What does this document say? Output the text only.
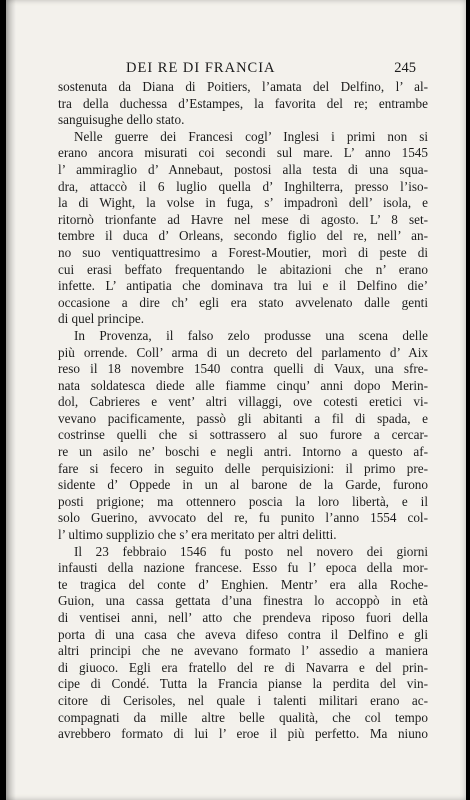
DEI RE DI FRANCIA	245
sostenuta da Diana di Poitiers, l’amata del Delfino, l’ al-
tra della duchessa d’Estampes, la favorita del re; entrambe
sanguisughe dello stato.
Nelle guerre dei Francesi cogl’ Inglesi i primi non si
erano ancora misurati coi secondi sul mare. L’ anno 1545
l’ ammiraglio d’ Annebaut, postosi alla testa di una squa-
dra, attaccò il 6 luglio quella d’ Inghilterra, presso l’iso-
la di Wight, la volse in fuga, s’ impadronì dell’ isola, e
ritornò trionfante ad Havre nel mese di agosto. L’ 8 set-
tembre il duca d’ Orleans, secondo figlio del re, nell’ an-
no suo ventiquattresimo a Forest-Moutier, morì di peste di
cui erasi beffato frequentando le abitazioni che n’ erano
infette. L’ antipatia che dominava tra lui e il Delfino die’
occasione a dire ch’ egli era stato avvelenato dalle genti
di quel principe.
In Provenza, il falso zelo produsse una scena delle
più orrende. Coll’ arma di un decreto del parlamento d’ Aix
reso il 18 novembre 1540 contra quelli di Vaux, una sfre-
nata soldatesca diede alle fiamme cinqu’ anni dopo Merin-
dol, Cabrieres e vent’ altri villaggi, ove cotesti eretici vi-
vevano pacificamente, passò gli abitanti a fil di spada, e
costrinse quelli che si sottrassero al suo furore a cercar-
re un asilo ne’ boschi e negli antri. Intorno a questo af-
fare si fecero in seguito delle perquisizioni: il primo pre-
sidente d’ Oppede in un al barone de la Garde, furono
posti prigione; ma ottennero poscia la loro libertà, e il
solo Guerino, avvocato del re, fu punito l’anno 1554 col-
l’ ultimo supplizio che s’ era meritato per altri delitti.
Il 23 febbraio 1546 fu posto nel novero dei giorni
infausti della nazione francese. Esso fu l’ epoca della mor-
te tragica del conte d’ Enghien. Mentr’ era alla Roche-
Guion, una cassa gettata d’una finestra lo accoppò in età
di ventisei anni, nell’ atto che prendeva riposo fuori della
porta di una casa che aveva difeso contra il Delfino e gli
altri principi che ne avevano formato l’ assedio a maniera
di giuoco. Egli era fratello del re di Navarra e del prin-
cipe di Condé. Tutta la Francia pianse la perdita del vin-
citore di Cerisoles, nel quale i talenti militari erano ac-
compagnati da mille altre belle qualità, che col tempo
avrebbero formato di lui l’ eroe il più perfetto. Ma niuno
